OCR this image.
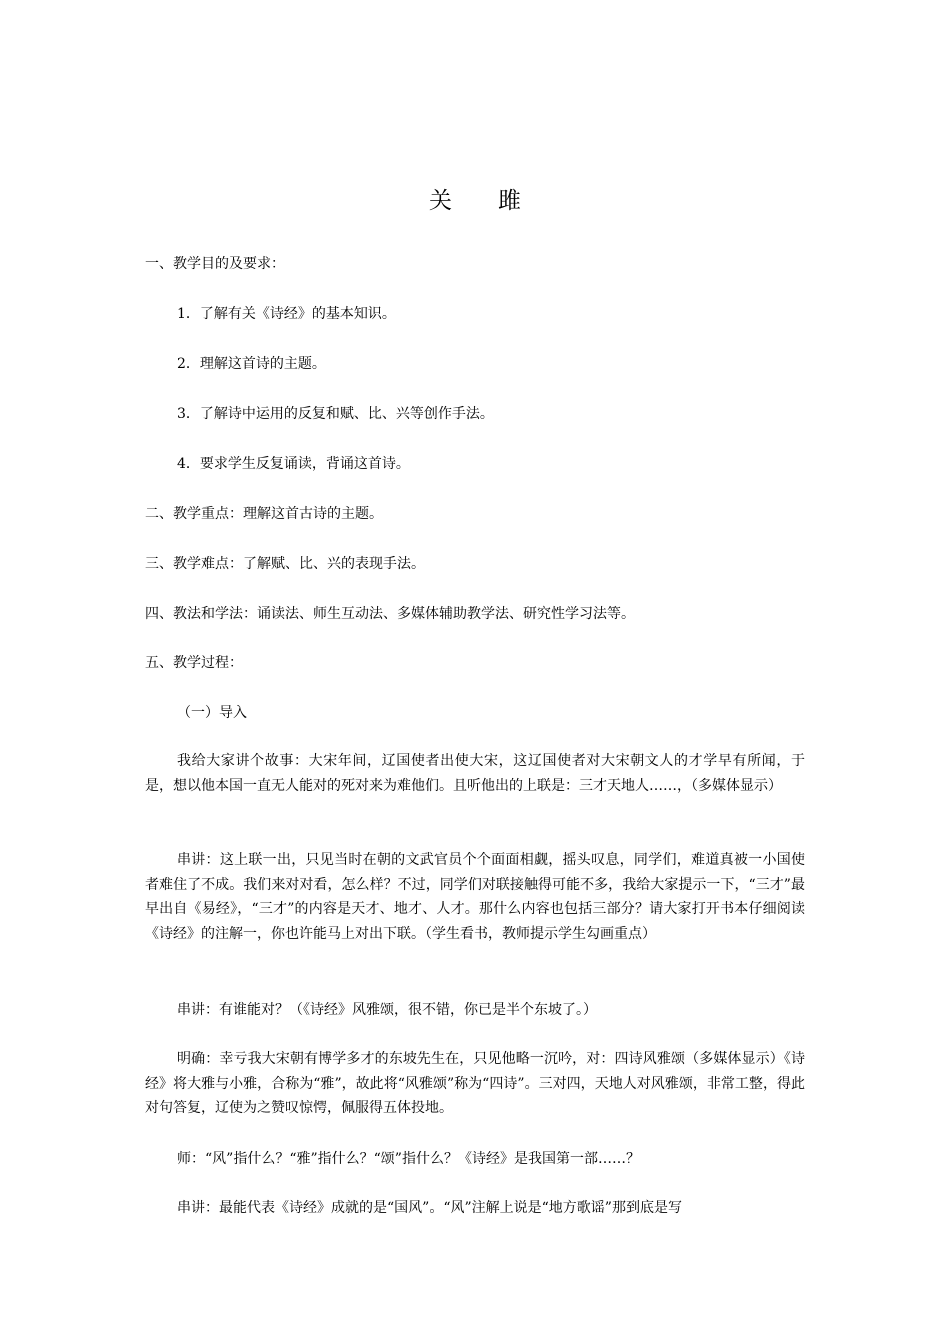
关　　雎
一、教学目的及要求：
1．了解有关《诗经》的基本知识。
2．理解这首诗的主题。
3．了解诗中运用的反复和赋、比、兴等创作手法。
4．要求学生反复诵读，背诵这首诗。
二、教学重点：理解这首古诗的主题。
三、教学难点：了解赋、比、兴的表现手法。
四、教法和学法：诵读法、师生互动法、多媒体辅助教学法、研究性学习法等。
五、教学过程：
（一）导入
我给大家讲个故事：大宋年间，辽国使者出使大宋，这辽国使者对大宋朝文人的才学早有所闻，于是，想以他本国一直无人能对的死对来为难他们。且听他出的上联是：三才天地人……，（多媒体显示）
串讲：这上联一出，只见当时在朝的文武官员个个面面相觑，摇头叹息，同学们，难道真被一小国使者难住了不成。我们来对对看，怎么样？不过，同学们对联接触得可能不多，我给大家提示一下，“三才”最早出自《易经》，“三才”的内容是天才、地才、人才。那什么内容也包括三部分？请大家打开书本仔细阅读《诗经》的注解一，你也许能马上对出下联。（学生看书，教师提示学生勾画重点）
串讲：有谁能对？（《诗经》风雅颂，很不错，你已是半个东坡了。）
明确：幸亏我大宋朝有博学多才的东坡先生在，只见他略一沉吟，对：四诗风雅颂（多媒体显示）《诗经》将大雅与小雅，合称为“雅”，故此将“风雅颂”称为“四诗”。三对四，天地人对风雅颂，非常工整，得此对句答复，辽使为之赞叹惊愕，佩服得五体投地。
师：“风”指什么？“雅”指什么？“颂”指什么？《诗经》是我国第一部……？
串讲：最能代表《诗经》成就的是“国风”。“风”注解上说是“地方歌谣”那到底是写
